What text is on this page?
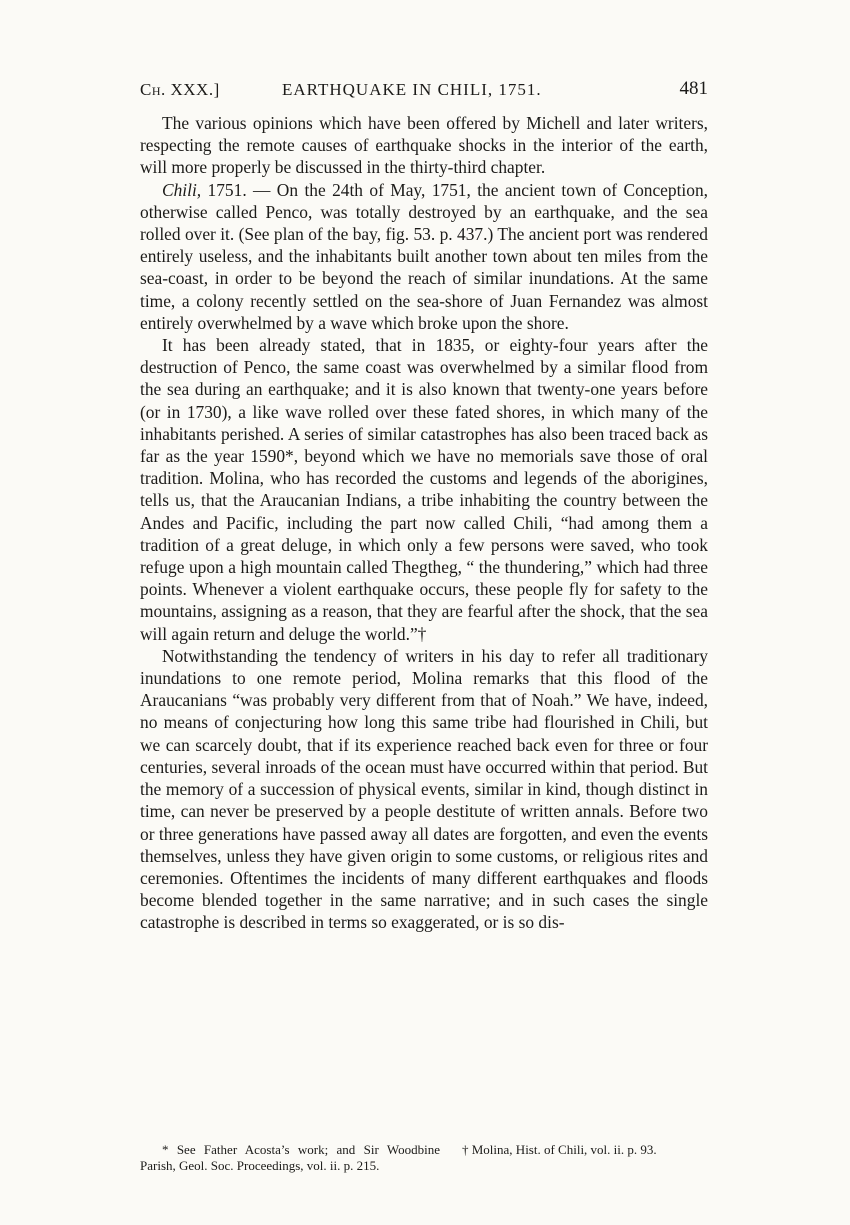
Ch. XXX.]	EARTHQUAKE IN CHILI, 1751.	481

The various opinions which have been offered by Michell and later writers, respecting the remote causes of earthquake shocks in the interior of the earth, will more properly be discussed in the thirty-third chapter.

Chili, 1751. — On the 24th of May, 1751, the ancient town of Conception, otherwise called Penco, was totally destroyed by an earthquake, and the sea rolled over it. (See plan of the bay, fig. 53. p. 437.) The ancient port was rendered entirely useless, and the inhabitants built another town about ten miles from the sea-coast, in order to be beyond the reach of similar inundations. At the same time, a colony recently settled on the sea-shore of Juan Fernandez was almost entirely overwhelmed by a wave which broke upon the shore.

It has been already stated, that in 1835, or eighty-four years after the destruction of Penco, the same coast was overwhelmed by a similar flood from the sea during an earthquake; and it is also known that twenty-one years before (or in 1730), a like wave rolled over these fated shores, in which many of the inhabitants perished. A series of similar catastrophes has also been traced back as far as the year 1590*, beyond which we have no memorials save those of oral tradition. Molina, who has recorded the customs and legends of the aborigines, tells us, that the Araucanian Indians, a tribe inhabiting the country between the Andes and Pacific, including the part now called Chili, “had among them a tradition of a great deluge, in which only a few persons were saved, who took refuge upon a high mountain called Thegtheg, “ the thundering,” which had three points. Whenever a violent earthquake occurs, these people fly for safety to the mountains, assigning as a reason, that they are fearful after the shock, that the sea will again return and deluge the world.”†

Notwithstanding the tendency of writers in his day to refer all traditionary inundations to one remote period, Molina remarks that this flood of the Araucanians “was probably very different from that of Noah.” We have, indeed, no means of conjecturing how long this same tribe had flourished in Chili, but we can scarcely doubt, that if its experience reached back even for three or four centuries, several inroads of the ocean must have occurred within that period. But the memory of a succession of physical events, similar in kind, though distinct in time, can never be preserved by a people destitute of written annals. Before two or three generations have passed away all dates are forgotten, and even the events themselves, unless they have given origin to some customs, or religious rites and ceremonies. Oftentimes the incidents of many different earthquakes and floods become blended together in the same narrative; and in such cases the single catastrophe is described in terms so exaggerated, or is so dis-

* See Father Acosta’s work; and Sir Woodbine Parish, Geol. Soc. Proceedings, vol. ii. p. 215.

† Molina, Hist. of Chili, vol. ii. p. 93.
